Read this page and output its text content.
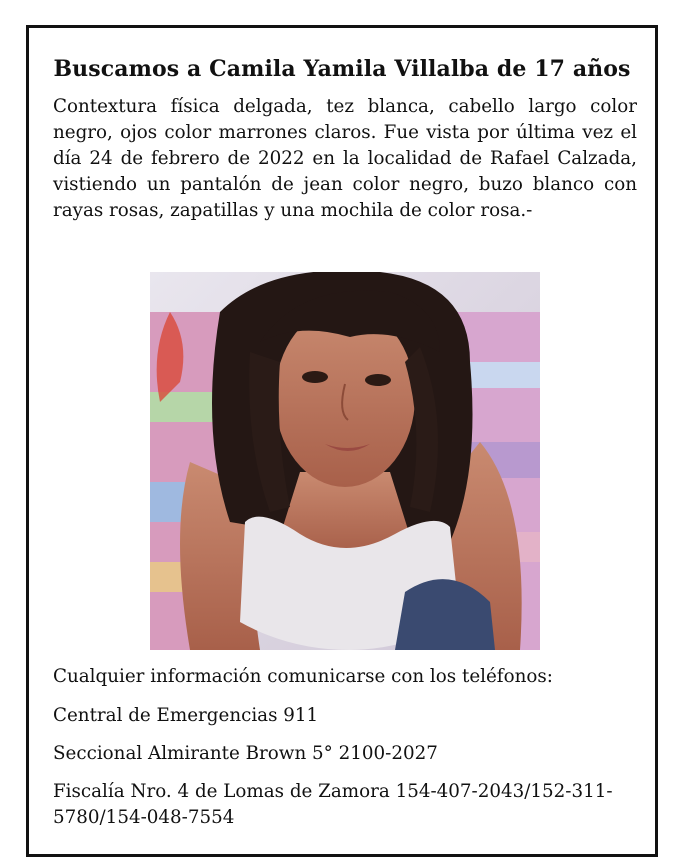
Buscamos a Camila Yamila Villalba de 17 años
Contextura física delgada, tez blanca, cabello largo color negro, ojos color marrones claros. Fue vista por última vez el día 24 de febrero de 2022 en la localidad de Rafael Calzada, vistiendo un pantalón de jean color negro, buzo blanco con rayas rosas, zapatillas y una mochila de color rosa.-
Cualquier información comunicarse con los teléfonos:
Central de Emergencias 911
Seccional Almirante Brown 5° 2100-2027
Fiscalía Nro. 4 de Lomas de Zamora 154-407-2043/152-311-5780/154-048-7554
